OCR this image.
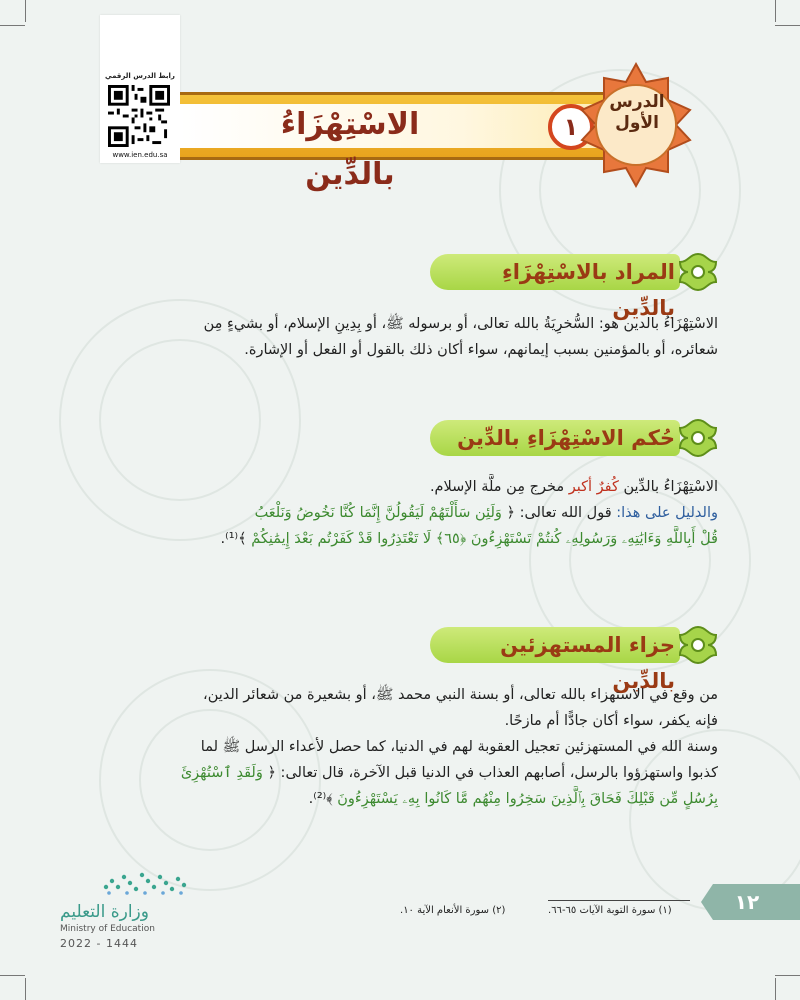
رابط الدرس الرقمي
www.ien.edu.sa
الاسْتِهْزَاءُ بالدِّين
١
الدرس
الأول
المراد بالاسْتِهْزَاءِ بالدِّين
الاسْتِهْزَاءُ بالدين هو: السُّخرِيَةُ بالله تعالى، أو برسوله ﷺ، أو بِدِينِ الإسلام، أو بشيءٍ مِن
شعائره، أو بالمؤمنين بسبب إيمانهم، سواء أكان ذلك بالقول أو الفعل أو الإشارة.
حُكم الاسْتِهْزَاءِ بالدِّين
الاسْتِهْزَاءُ بالدِّين كُفرٌ أكبر مخرج مِن ملَّة الإسلام.
والدليل على هذا: قول الله تعالى: ﴿ وَلَئِن سَأَلْتَهُمْ لَيَقُولُنَّ إِنَّمَا كُنَّا نَخُوضُ وَنَلْعَبُ
قُلْ أَبِاللَّهِ وَءَايَٰتِهِۦ وَرَسُولِهِۦ كُنتُمْ تَسْتَهْزِءُونَ ﴿٦٥﴾ لَا تَعْتَذِرُوا قَدْ كَفَرْتُم بَعْدَ إِيمَٰنِكُمْ ﴾⁽¹⁾.
جزاء المستهزئين بالدِّين
من وقع في الاستهزاء بالله تعالى، أو بسنة النبي محمد ﷺ، أو بشعيرة من شعائر الدين،
فإنه يكفر، سواء أكان جادًّا أم مازحًا.
وسنة الله في المستهزئين تعجيل العقوبة لهم في الدنيا، كما حصل لأعداء الرسل ﷺ لما
كذبوا واستهزؤوا بالرسل، أصابهم العذاب في الدنيا قبل الآخرة، قال تعالى: ﴿ وَلَقَدِ ٱسْتُهْزِئَ
بِرُسُلٍ مِّن قَبْلِكَ فَحَاقَ بِٱلَّذِينَ سَخِرُوا مِنْهُم مَّا كَانُوا بِهِۦ يَسْتَهْزِءُونَ ﴾⁽²⁾.
(١) سورة التوبة الآيات ٦٥-٦٦.
(٢) سورة الأنعام الآية ١٠.	١٢
وزارة التعليم
Ministry of Education
2022 - 1444
